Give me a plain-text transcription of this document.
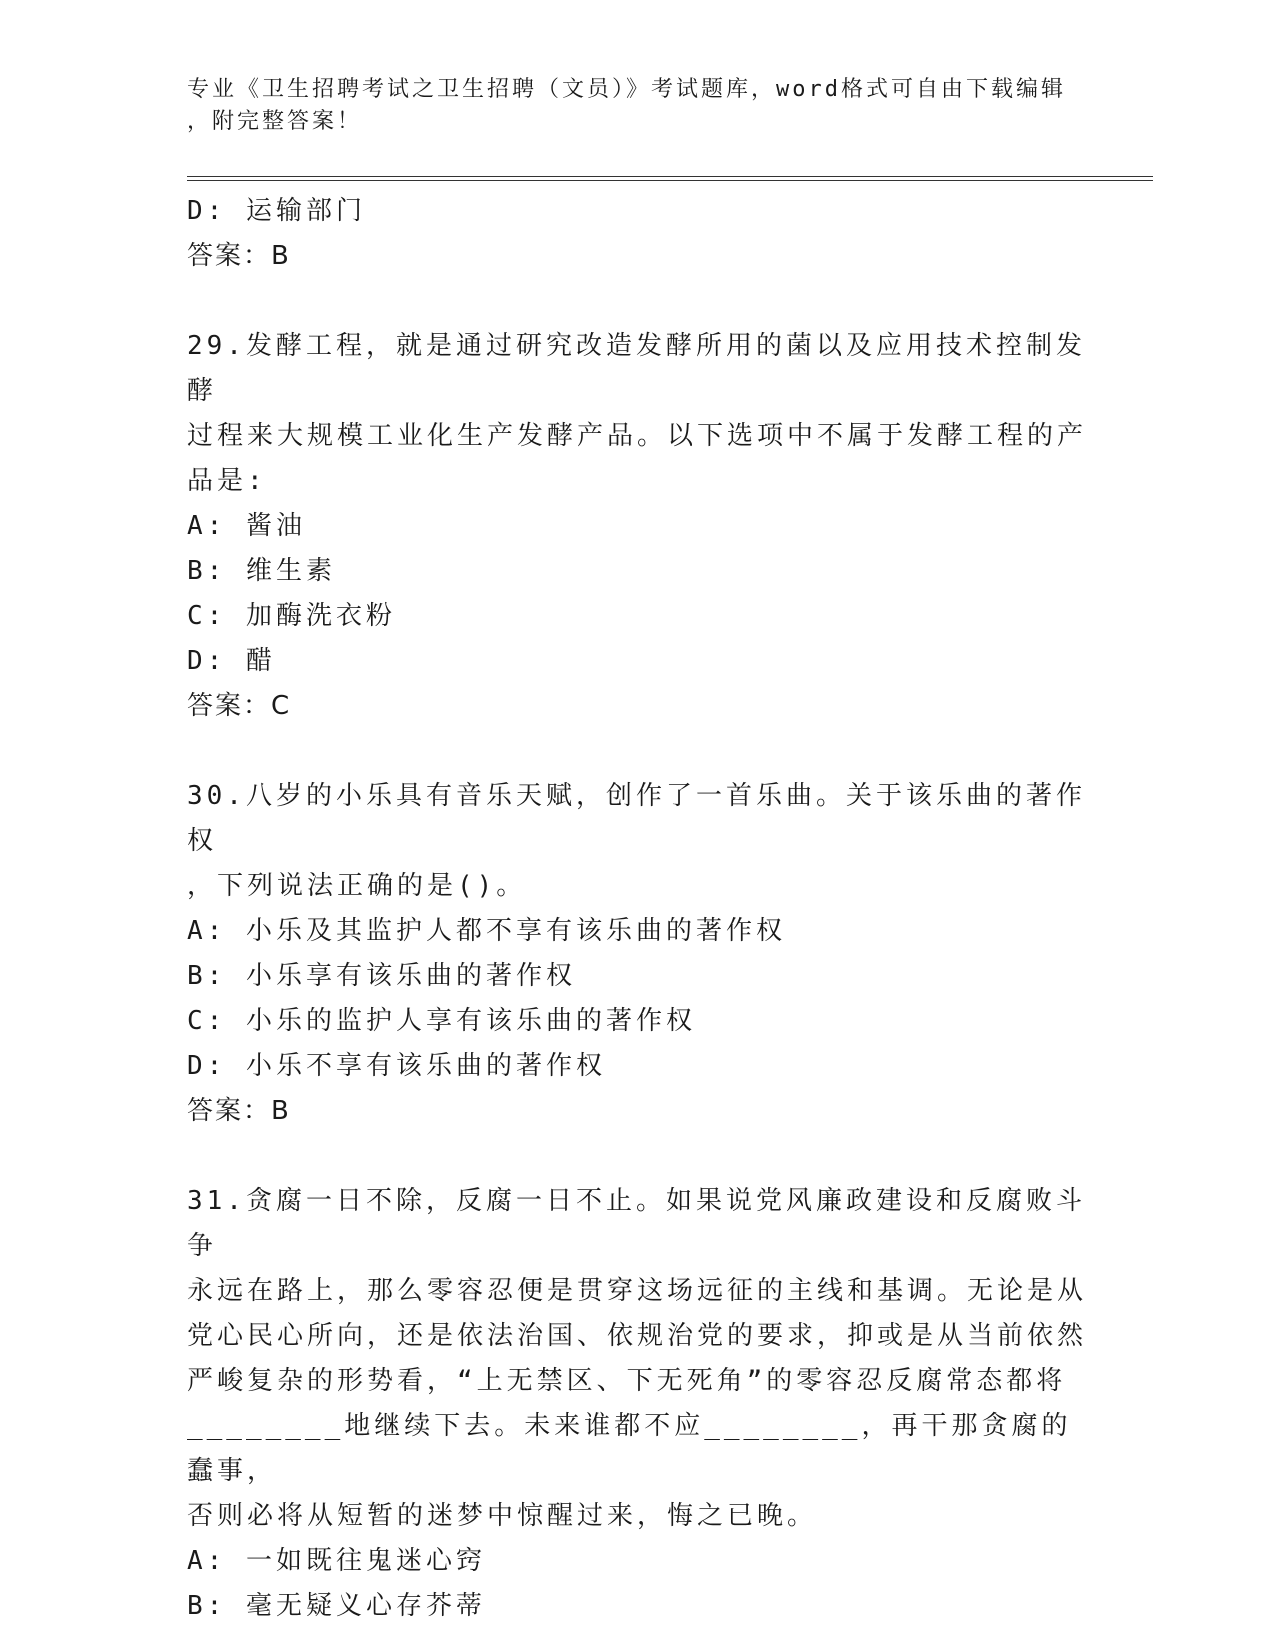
专业《卫生招聘考试之卫生招聘（文员）》考试题库，word格式可自由下载编辑
，附完整答案！

D: 运输部门

答案：B

29.发酵工程，就是通过研究改造发酵所用的菌以及应用技术控制发酵

过程来大规模工业化生产发酵产品。以下选项中不属于发酵工程的产

品是:

A: 酱油

B: 维生素

C: 加酶洗衣粉

D: 醋

答案：C

30.八岁的小乐具有音乐天赋，创作了一首乐曲。关于该乐曲的著作权

，下列说法正确的是()。

A: 小乐及其监护人都不享有该乐曲的著作权

B: 小乐享有该乐曲的著作权

C: 小乐的监护人享有该乐曲的著作权

D: 小乐不享有该乐曲的著作权

答案：B

31.贪腐一日不除，反腐一日不止。如果说党风廉政建设和反腐败斗争

永远在路上，那么零容忍便是贯穿这场远征的主线和基调。无论是从

党心民心所向，还是依法治国、依规治党的要求，抑或是从当前依然

严峻复杂的形势看，“上无禁区、下无死角”的零容忍反腐常态都将

________地继续下去。未来谁都不应________，再干那贪腐的蠢事，

否则必将从短暂的迷梦中惊醒过来，悔之已晚。

A: 一如既往鬼迷心窍

B: 毫无疑义心存芥蒂
